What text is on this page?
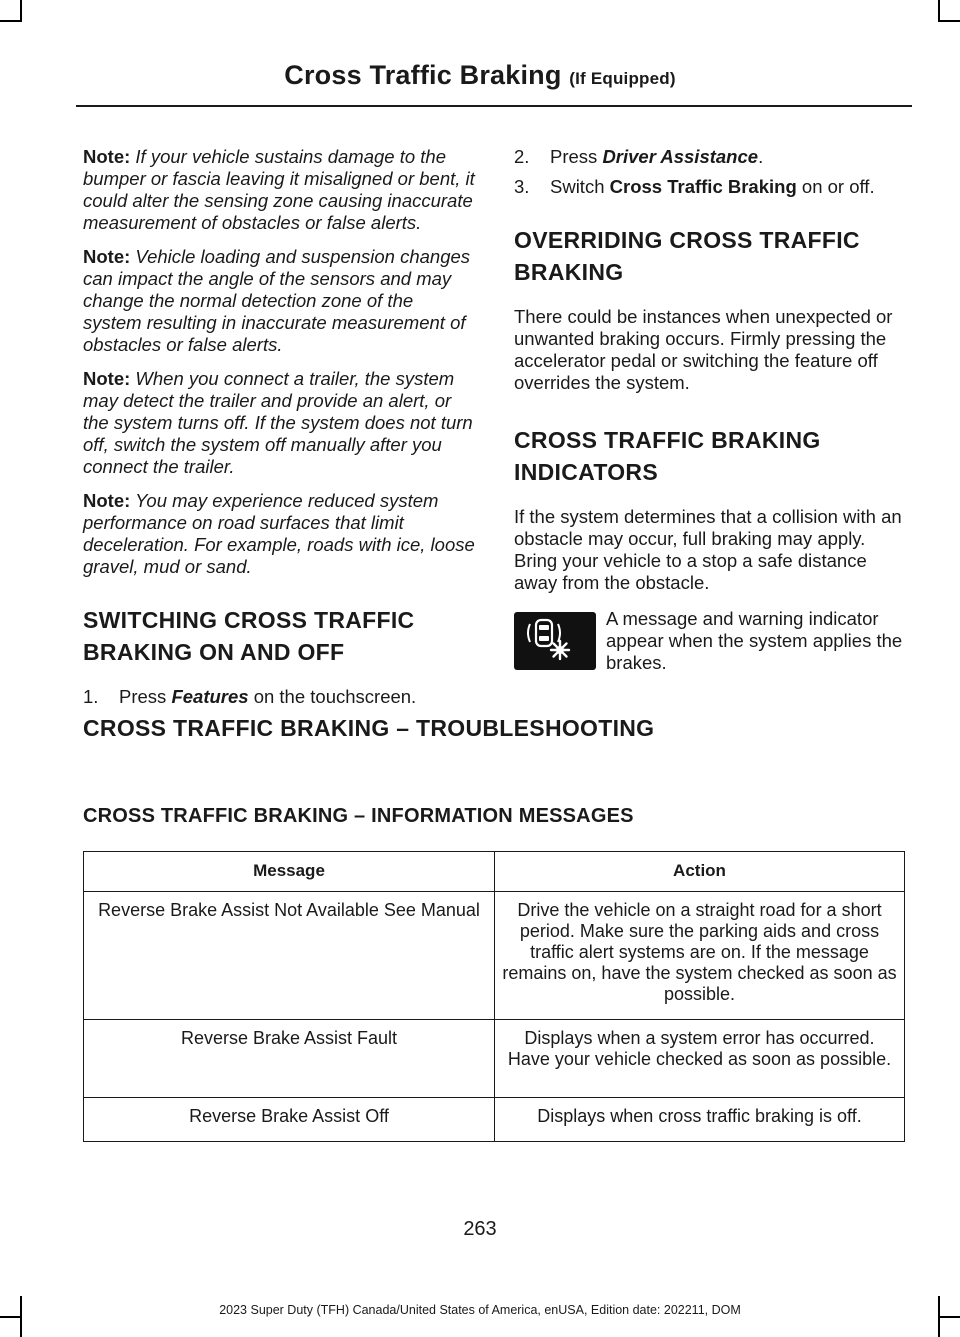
Cross Traffic Braking (If Equipped)

Note: If your vehicle sustains damage to the bumper or fascia leaving it misaligned or bent, it could alter the sensing zone causing inaccurate measurement of obstacles or false alerts.

Note: Vehicle loading and suspension changes can impact the angle of the sensors and may change the normal detection zone of the system resulting in inaccurate measurement of obstacles or false alerts.

Note: When you connect a trailer, the system may detect the trailer and provide an alert, or the system turns off. If the system does not turn off, switch the system off manually after you connect the trailer.

Note: You may experience reduced system performance on road surfaces that limit deceleration. For example, roads with ice, loose gravel, mud or sand.

SWITCHING CROSS TRAFFIC
BRAKING ON AND OFF
1.	Press Features on the touchscreen.
2.	Press Driver Assistance.
3.	Switch Cross Traffic Braking on or off.
OVERRIDING CROSS TRAFFIC
BRAKING

There could be instances when unexpected or unwanted braking occurs. Firmly pressing the accelerator pedal or switching the feature off overrides the system.

CROSS TRAFFIC BRAKING
INDICATORS

If the system determines that a collision with an obstacle may occur, full braking may apply. Bring your vehicle to a stop a safe distance away from the obstacle.

A message and warning indicator appear when the system applies the brakes.

CROSS TRAFFIC BRAKING – TROUBLESHOOTING
CROSS TRAFFIC BRAKING – INFORMATION MESSAGES
Message	Action
Reverse Brake Assist Not Available See Manual	Drive the vehicle on a straight road for a short period. Make sure the parking aids and cross traffic alert systems are on. If the message remains on, have the system checked as soon as possible.
Reverse Brake Assist Fault	Displays when a system error has occurred. Have your vehicle checked as soon as possible.
Reverse Brake Assist Off	Displays when cross traffic braking is off.
263
2023 Super Duty (TFH) Canada/United States of America, enUSA, Edition date: 202211, DOM
